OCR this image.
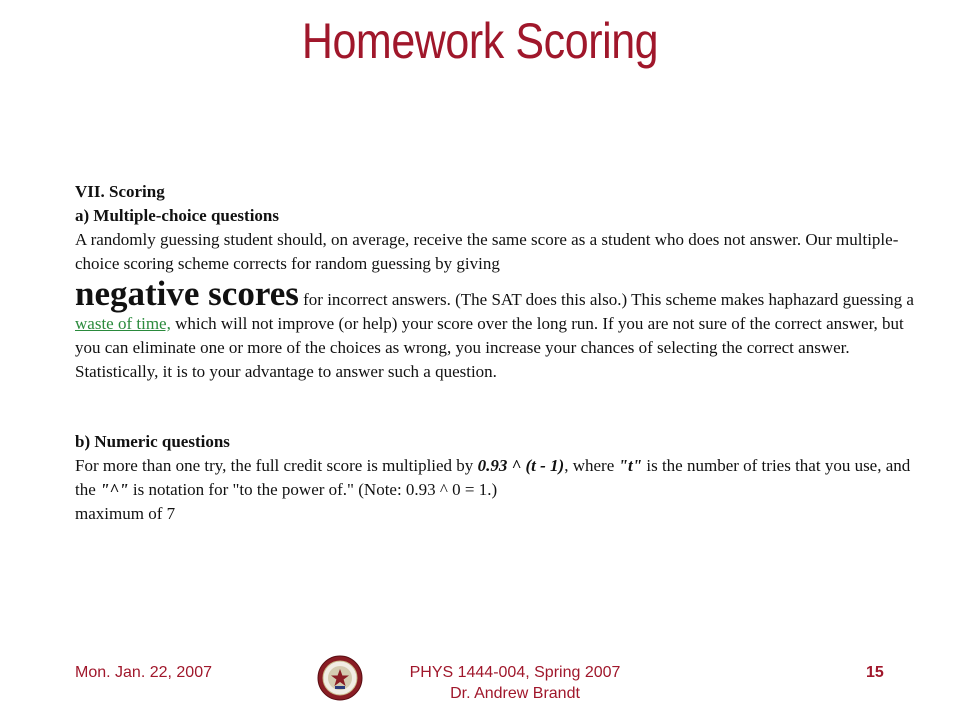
Homework Scoring

VII. Scoring

a) Multiple-choice questions

A randomly guessing student should, on average, receive the same score as a student who does not answer. Our multiple-choice scoring scheme corrects for random guessing by giving
negative scores for incorrect answers. (The SAT does this also.) This scheme makes haphazard guessing a waste of time, which will not improve (or help) your score over the long run. If you are not sure of the correct answer, but you can eliminate one or more of the choices as wrong, you increase your chances of selecting the correct answer. Statistically, it is to your advantage to answer such a question.

b) Numeric questions

For more than one try, the full credit score is multiplied by 0.93 ^ (t - 1), where "t" is the number of tries that you use, and the "^" is notation for "to the power of." (Note: 0.93 ^ 0 = 1.)

maximum of 7

Mon. Jan. 22, 2007	PHYS 1444-004, Spring 2007
Dr. Andrew Brandt
15
